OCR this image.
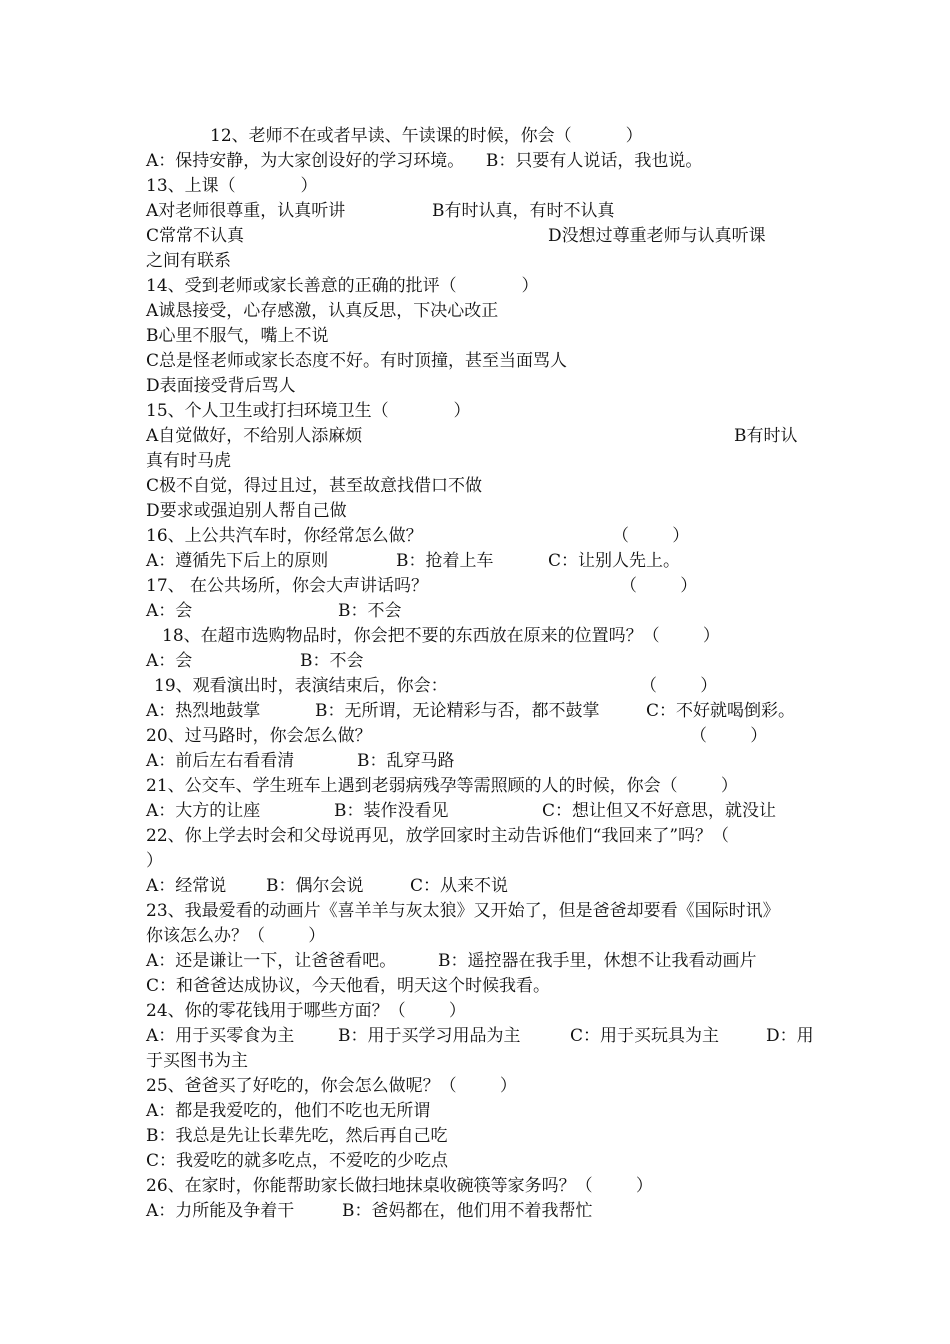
12、老师不在或者早读、午读课的时候，你会（          ）
A：保持安静，为大家创设好的学习环境。    B：只要有人说话，我也说。
13、上课（            ）
A对老师很尊重，认真听讲	B有时认真，有时不认真
C常常不认真	D没想过尊重老师与认真听课
之间有联系
14、受到老师或家长善意的正确的批评（            ）
A诚恳接受，心存感激，认真反思，下决心改正
B心里不服气，嘴上不说
C总是怪老师或家长态度不好。有时顶撞，甚至当面骂人
D表面接受背后骂人
15、个人卫生或打扫环境卫生（            ）
A自觉做好，不给别人添麻烦	B有时认
真有时马虎
C极不自觉，得过且过，甚至故意找借口不做
D要求或强迫别人帮自己做
16、上公共汽车时，你经常怎么做？	（        ）
A：遵循先下后上的原则	B：抢着上车	C：让别人先上。
17、 在公共场所，你会大声讲话吗？	（        ）
A：会	B：不会
18、在超市选购物品时，你会把不要的东西放在原来的位置吗？（        ）
A：会	B：不会
19、观看演出时，表演结束后，你会：	（        ）
A：热烈地鼓掌	B：无所谓，无论精彩与否，都不鼓掌	C：不好就喝倒彩。
20、过马路时，你会怎么做？	（        ）
A：前后左右看看清	B：乱穿马路
21、公交车、学生班车上遇到老弱病残孕等需照顾的人的时候，你会（        ）
A：大方的让座	B：装作没看见	C：想让但又不好意思，就没让
22、你上学去时会和父母说再见，放学回家时主动告诉他们“我回来了”吗？（
）
A：经常说 B：偶尔会说	C：从来不说
23、我最爱看的动画片《喜羊羊与灰太狼》又开始了，但是爸爸却要看《国际时讯》
你该怎么办？（        ）
A：还是谦让一下，让爸爸看吧。 B：遥控器在我手里，休想不让我看动画片
C：和爸爸达成协议，今天他看，明天这个时候我看。
24、你的零花钱用于哪些方面？（        ）
A：用于买零食为主	B：用于买学习用品为主	C：用于买玩具为主	D：用
于买图书为主
25、爸爸买了好吃的，你会怎么做呢？（        ）
A：都是我爱吃的，他们不吃也无所谓
B：我总是先让长辈先吃，然后再自己吃
C：我爱吃的就多吃点，不爱吃的少吃点
26、在家时，你能帮助家长做扫地抹桌收碗筷等家务吗？（        ）
A：力所能及争着干	B：爸妈都在，他们用不着我帮忙
